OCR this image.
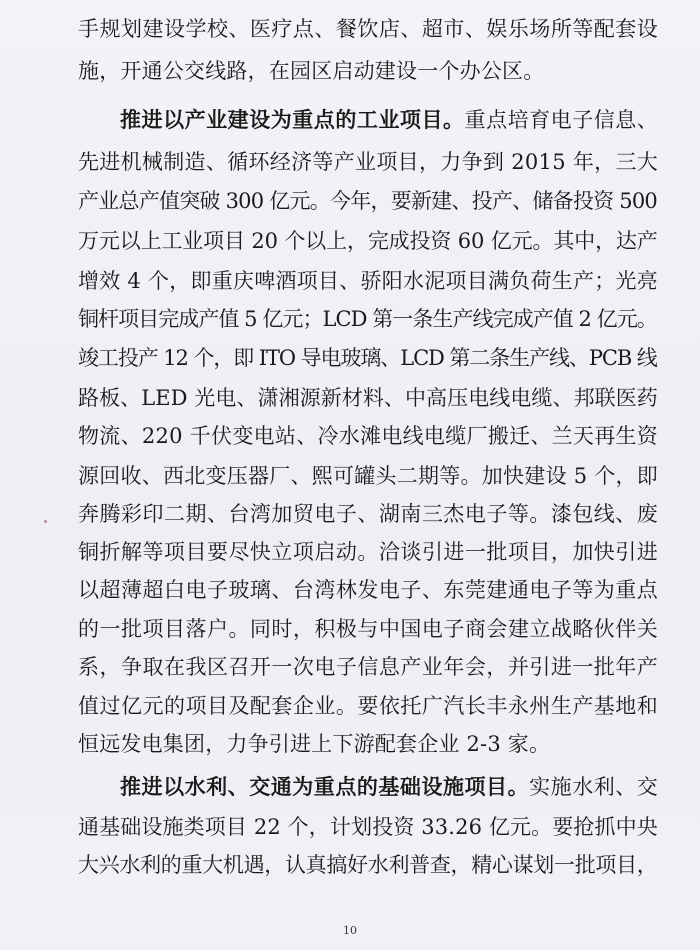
手规划建设学校、医疗点、餐饮店、超市、娱乐场所等配套设
施，开通公交线路，在园区启动建设一个办公区。
推进以产业建设为重点的工业项目。重点培育电子信息、
先进机械制造、循环经济等产业项目，力争到 2015 年，三大
产业总产值突破 300 亿元。今年，要新建、投产、储备投资 500
万元以上工业项目 20 个以上，完成投资 60 亿元。其中，达产
增效 4 个，即重庆啤酒项目、骄阳水泥项目满负荷生产；光亮
铜杆项目完成产值 5 亿元；LCD 第一条生产线完成产值 2 亿元。
竣工投产 12 个，即 ITO 导电玻璃、LCD 第二条生产线、PCB 线
路板、LED 光电、潇湘源新材料、中高压电线电缆、邦联医药
物流、220 千伏变电站、冷水滩电线电缆厂搬迁、兰天再生资
源回收、西北变压器厂、熙可罐头二期等。加快建设 5 个，即
奔腾彩印二期、台湾加贸电子、湖南三杰电子等。漆包线、废
铜折解等项目要尽快立项启动。洽谈引进一批项目，加快引进
以超薄超白电子玻璃、台湾林发电子、东莞建通电子等为重点
的一批项目落户。同时，积极与中国电子商会建立战略伙伴关
系，争取在我区召开一次电子信息产业年会，并引进一批年产
值过亿元的项目及配套企业。要依托广汽长丰永州生产基地和
恒远发电集团，力争引进上下游配套企业 2-3 家。
推进以水利、交通为重点的基础设施项目。实施水利、交
通基础设施类项目 22 个，计划投资 33.26 亿元。要抢抓中央
大兴水利的重大机遇，认真搞好水利普查，精心谋划一批项目，
10
